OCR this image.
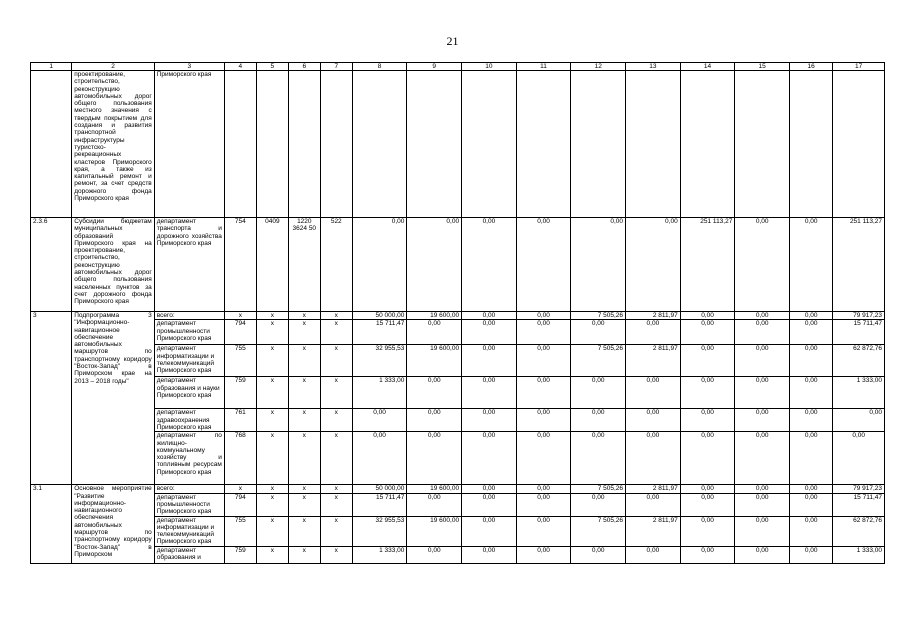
21
1	2	3	4	5	6	7	8	9	10	11	12	13	14	15	16	17
	проектирование, строительство, реконструкцию автомобильных дорог общего пользования местного значения с твердым покрытием для создания и развития транспортной инфраструктуры туристско-рекреационных кластеров Приморского края, а также из капитальный ремонт и ремонт, за счет средств дорожного фонда Приморского края	Приморского края														
2.3.6	Субсидии бюджетам муниципальных образований Приморского края на проектирование, строительство, реконструкцию автомобильных дорог общего пользования населенных пунктов за счет дорожного фонда Приморского края	департамент транспорта и дорожного хозяйства Приморского края	754	0409	1220 3624 50	522	0,00	0,00	0,00	0,00	0,00	0,00	251 113,27	0,00	0,00	251 113,27
3	Подпрограмма 3 "Информационно-навигационное обеспечение автомобильных маршрутов по транспортному коридору "Восток-Запад" в Приморском крае на 2013 – 2018 годы"	всего:	х	х	х	х	50 000,00	19 600,00	0,00	0,00	7 505,26	2 811,97	0,00	0,00	0,00	79 917,23
		департамент промышленности Приморского края	794	х	х	х	15 711,47	0,00	0,00	0,00	0,00	0,00	0,00	0,00	0,00	15 711,47
		департамент информатизации и телекоммуникаций Приморского края	755	х	х	х	32 955,53	19 600,00	0,00	0,00	7 505,26	2 811,97	0,00	0,00	0,00	62 872,76
		департамент образования и науки Приморского края	759	х	х	х	1 333,00	0,00	0,00	0,00	0,00	0,00	0,00	0,00	0,00	1 333,00
		департамент здравоохранения Приморского края	761	х	х	х	0,00	0,00	0,00	0,00	0,00	0,00	0,00	0,00	0,00	0,00
		департамент по жилищно-коммунальному хозяйству и топливным ресурсам Приморского края	768	х	х	х	0,00	0,00	0,00	0,00	0,00	0,00	0,00	0,00	0,00	0,00
3.1	Основное мероприятие "Развитие информационно-навигационного обеспечения автомобильных маршрутов по транспортному коридору "Восток-Запад" в Приморском	всего:	х	х	х	х	50 000,00	19 600,00	0,00	0,00	7 505,26	2 811,97	0,00	0,00	0,00	79 917,23
		департамент промышленности Приморского края	794	х	х	х	15 711,47	0,00	0,00	0,00	0,00	0,00	0,00	0,00	0,00	15 711,47
		департамент информатизации и телекоммуникаций Приморского края	755	х	х	х	32 955,53	19 600,00	0,00	0,00	7 505,26	2 811,97	0,00	0,00	0,00	62 872,76
		департамент образования и	759	х	х	х	1 333,00	0,00	0,00	0,00	0,00	0,00	0,00	0,00	0,00	1 333,00
